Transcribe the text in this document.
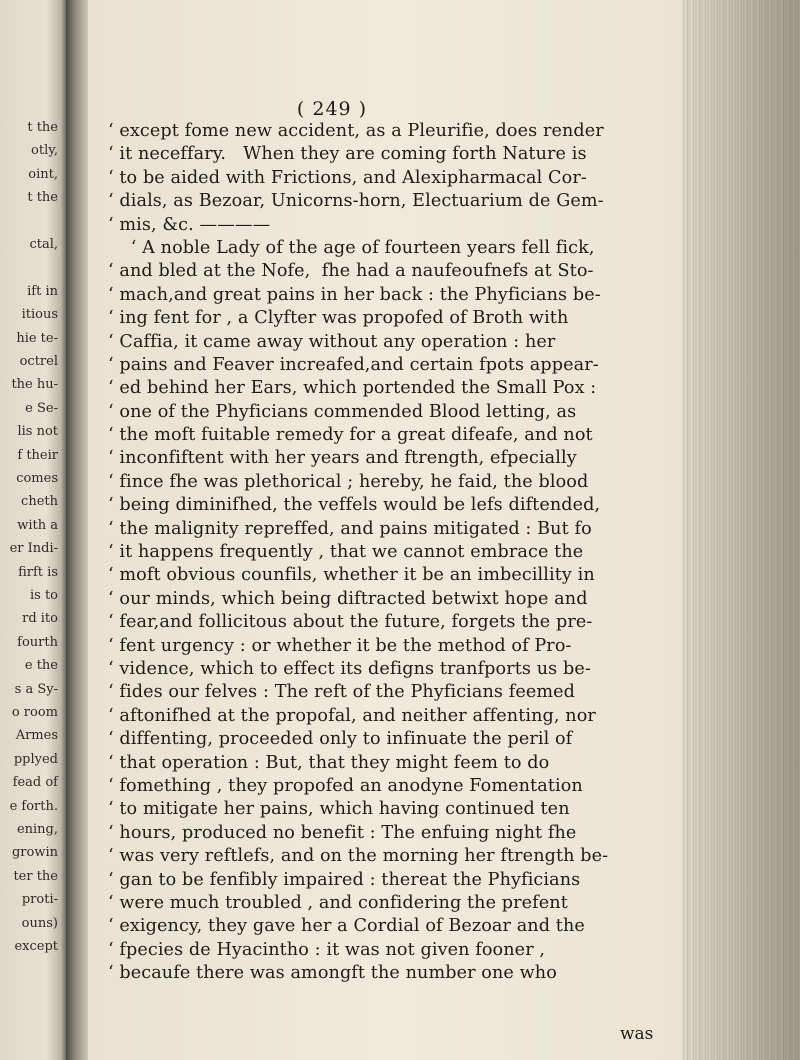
t the
otly,
oint,
t the
ctal,
ift in
itious
hie te-
octrel
the hu-
e Se-
lis not
f their
comes
cheth
with a
er Indi-
firft is
is to
rd ito
fourth
e the
s a Sy-
o room
Armes
pplyed
fead of
e forth.
ening,
growin
ter the
proti-
ouns)
except
( 249 )
‘ except fome new accident, as a Pleurifie, does render
‘ it neceffary.   When they are coming forth Nature is
‘ to be aided with Frictions, and Alexipharmacal Cor-
‘ dials, as Bezoar, Unicorns-horn, Electuarium de Gem-
‘ mis, &c. ————
‘ A noble Lady of the age of fourteen years fell fick,
‘ and bled at the Nofe,  fhe had a naufeoufnefs at Sto-
‘ mach,and great pains in her back : the Phyficians be-
‘ ing fent for , a Clyfter was propofed of Broth with
‘ Caffia, it came away without any operation : her
‘ pains and Feaver increafed,and certain fpots appear-
‘ ed behind her Ears, which portended the Small Pox :
‘ one of the Phyficians commended Blood letting, as
‘ the moft fuitable remedy for a great difeafe, and not
‘ inconfiftent with her years and ftrength, efpecially
‘ fince fhe was plethorical ; hereby, he faid, the blood
‘ being diminifhed, the veffels would be lefs diftended,
‘ the malignity repreffed, and pains mitigated : But fo
‘ it happens frequently , that we cannot embrace the
‘ moft obvious counfils, whether it be an imbecillity in
‘ our minds, which being diftracted betwixt hope and
‘ fear,and follicitous about the future, forgets the pre-
‘ fent urgency : or whether it be the method of Pro-
‘ vidence, which to effect its defigns tranfports us be-
‘ fides our felves : The reft of the Phyficians feemed
‘ aftonifhed at the propofal, and neither affenting, nor
‘ diffenting, proceeded only to infinuate the peril of
‘ that operation : But, that they might feem to do
‘ fomething , they propofed an anodyne Fomentation
‘ to mitigate her pains, which having continued ten
‘ hours, produced no benefit : The enfuing night fhe
‘ was very reftlefs, and on the morning her ftrength be-
‘ gan to be fenfibly impaired : thereat the Phyficians
‘ were much troubled , and confidering the prefent
‘ exigency, they gave her a Cordial of Bezoar and the
‘ fpecies de Hyacintho : it was not given fooner ,
‘ becaufe there was amongft the number one who
was
